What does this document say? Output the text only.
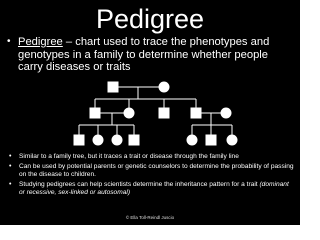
Pedigree
• Pedigree – chart used to trace the phenotypes and genotypes in a family to determine whether people carry diseases or traits
• Similar to a family tree, but it traces a trait or disease through the family line
• Can be used by potential parents or genetic counselors to determine the probability of passing on the disease to children.
• Studying pedigrees can help scientists determine the inheritance pattern for a trait (dominant or recessive, sex-linked or autosomal)
© Ella Toll-Reindl Juscio
